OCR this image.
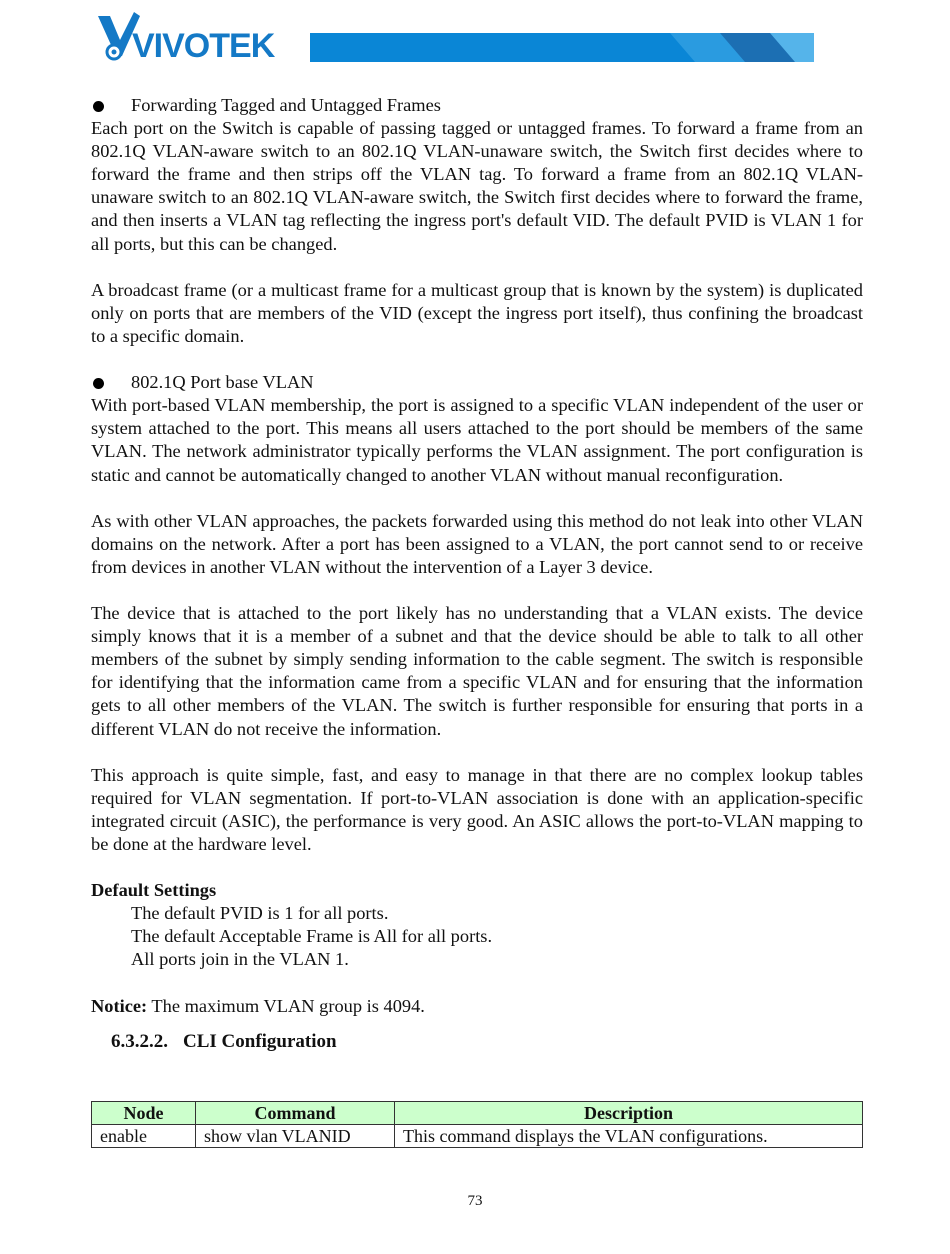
VIVOTEK
Forwarding Tagged and Untagged Frames

Each port on the Switch is capable of passing tagged or untagged frames. To forward a frame from an 802.1Q VLAN-aware switch to an 802.1Q VLAN-unaware switch, the Switch first decides where to forward the frame and then strips off the VLAN tag. To forward a frame from an 802.1Q VLAN-unaware switch to an 802.1Q VLAN-aware switch, the Switch first decides where to forward the frame, and then inserts a VLAN tag reflecting the ingress port's default VID. The default PVID is VLAN 1 for all ports, but this can be changed.

A broadcast frame (or a multicast frame for a multicast group that is known by the system) is duplicated only on ports that are members of the VID (except the ingress port itself), thus confining the broadcast to a specific domain.

802.1Q Port base VLAN

With port-based VLAN membership, the port is assigned to a specific VLAN independent of the user or system attached to the port. This means all users attached to the port should be members of the same VLAN. The network administrator typically performs the VLAN assignment. The port configuration is static and cannot be automatically changed to another VLAN without manual reconfiguration.

As with other VLAN approaches, the packets forwarded using this method do not leak into other VLAN domains on the network. After a port has been assigned to a VLAN, the port cannot send to or receive from devices in another VLAN without the intervention of a Layer 3 device.

The device that is attached to the port likely has no understanding that a VLAN exists. The device simply knows that it is a member of a subnet and that the device should be able to talk to all other members of the subnet by simply sending information to the cable segment. The switch is responsible for identifying that the information came from a specific VLAN and for ensuring that the information gets to all other members of the VLAN. The switch is further responsible for ensuring that ports in a different VLAN do not receive the information.

This approach is quite simple, fast, and easy to manage in that there are no complex lookup tables required for VLAN segmentation. If port-to-VLAN association is done with an application-specific integrated circuit (ASIC), the performance is very good. An ASIC allows the port-to-VLAN mapping to be done at the hardware level.

Default Settings
The default PVID is 1 for all ports.
The default Acceptable Frame is All for all ports.
All ports join in the VLAN 1.
Notice: The maximum VLAN group is 4094.
6.3.2.2. CLI Configuration
Node	Command	Description
enable	show vlan VLANID	This command displays the VLAN configurations.
73
